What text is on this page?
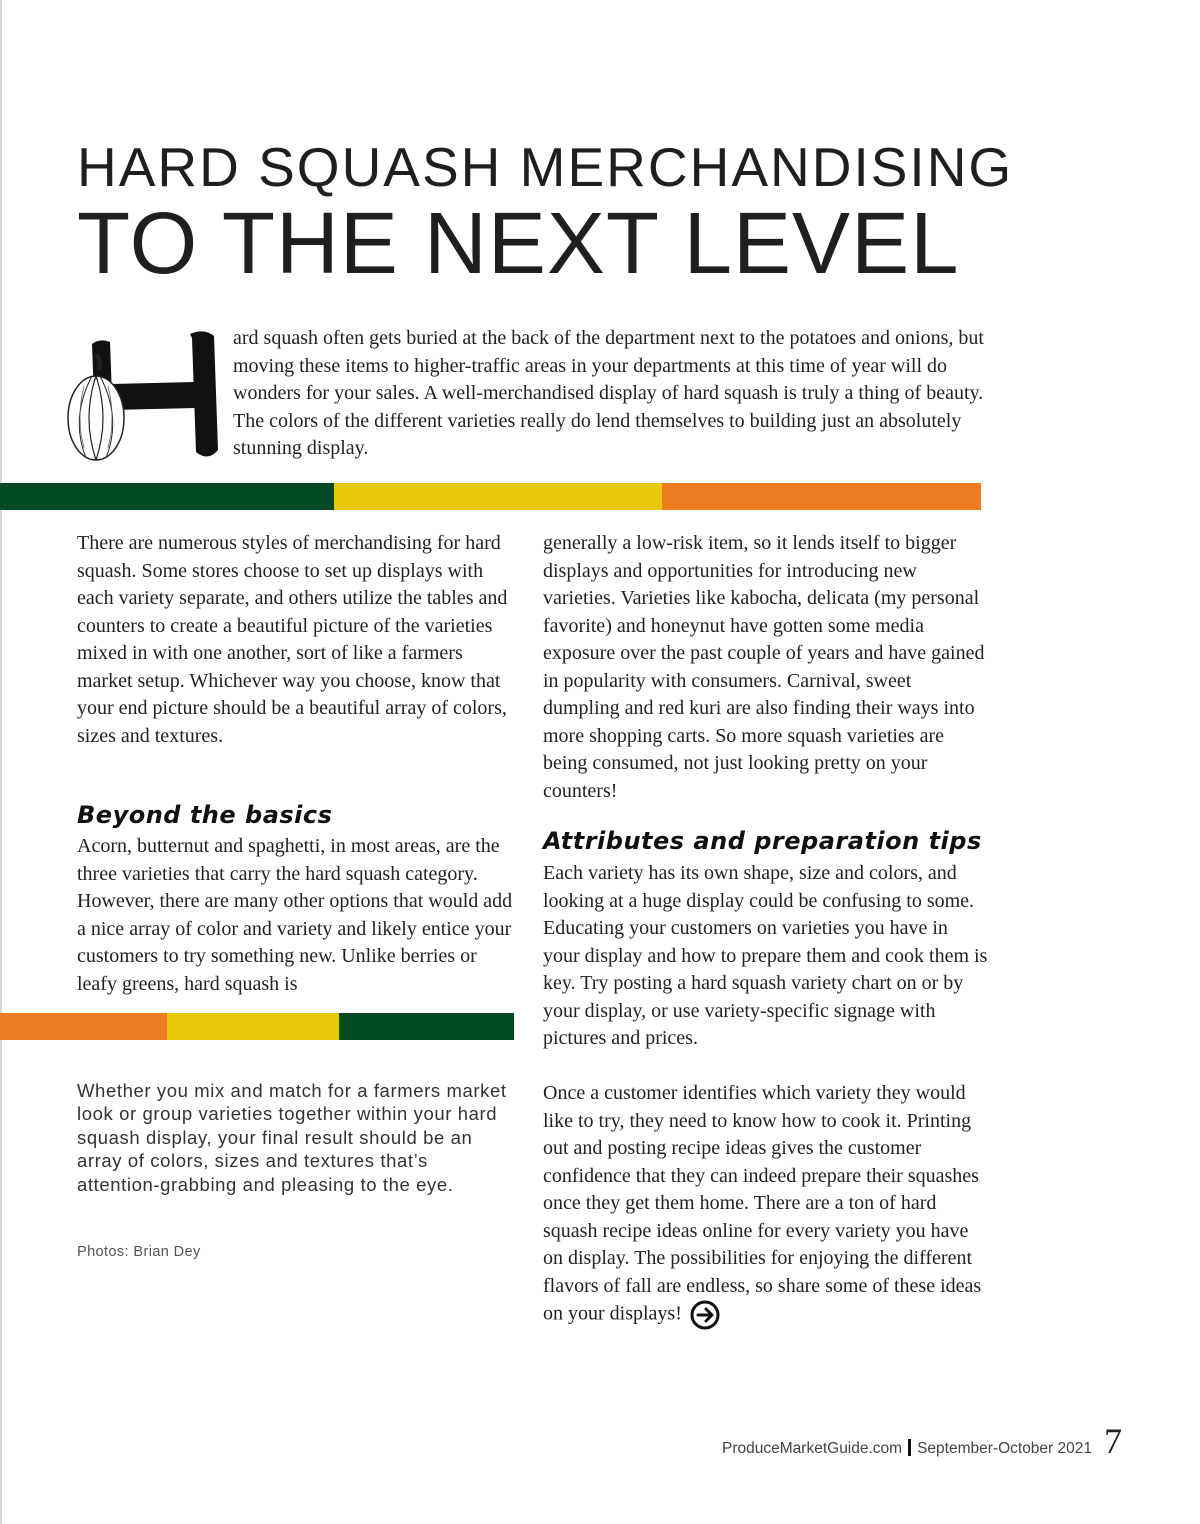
HARD SQUASH MERCHANDISING
TO THE NEXT LEVEL
ard squash often gets buried at the back of the department next to the potatoes and onions, but moving these items to higher-traffic areas in your departments at this time of year will do wonders for your sales. A well-merchandised display of hard squash is truly a thing of beauty. The colors of the different varieties really do lend themselves to building just an absolutely stunning display.

There are numerous styles of merchandising for hard squash. Some stores choose to set up displays with each variety separate, and others utilize the tables and counters to create a beautiful picture of the varieties mixed in with one another, sort of like a farmers market setup. Whichever way you choose, know that your end picture should be a beautiful array of colors, sizes and textures.

Beyond the basics

Acorn, butternut and spaghetti, in most areas, are the three varieties that carry the hard squash category. However, there are many other options that would add a nice array of color and variety and likely entice your customers to try something new. Unlike berries or leafy greens, hard squash is

Whether you mix and match for a farmers market look or group varieties together within your hard squash display, your final result should be an array of colors, sizes and textures that’s attention-grabbing and pleasing to the eye.
Photos: Brian Dey

generally a low-risk item, so it lends itself to bigger displays and opportunities for introducing new varieties. Varieties like kabocha, delicata (my personal favorite) and honeynut have gotten some media exposure over the past couple of years and have gained in popularity with consumers. Carnival, sweet dumpling and red kuri are also finding their ways into more shopping carts. So more squash varieties are being consumed, not just looking pretty on your counters!

Attributes and preparation tips

Each variety has its own shape, size and colors, and looking at a huge display could be confusing to some. Educating your customers on varieties you have in your display and how to prepare them and cook them is key. Try posting a hard squash variety chart on or by your display, or use variety-specific signage with pictures and prices.

Once a customer identifies which variety they would like to try, they need to know how to cook it. Printing out and posting recipe ideas gives the customer confidence that they can indeed prepare their squashes once they get them home. There are a ton of hard squash recipe ideas online for every variety you have on display. The possibilities for enjoying the different flavors of fall are endless, so share some of these ideas on your displays!

ProduceMarketGuide.com September-October 2021 7
